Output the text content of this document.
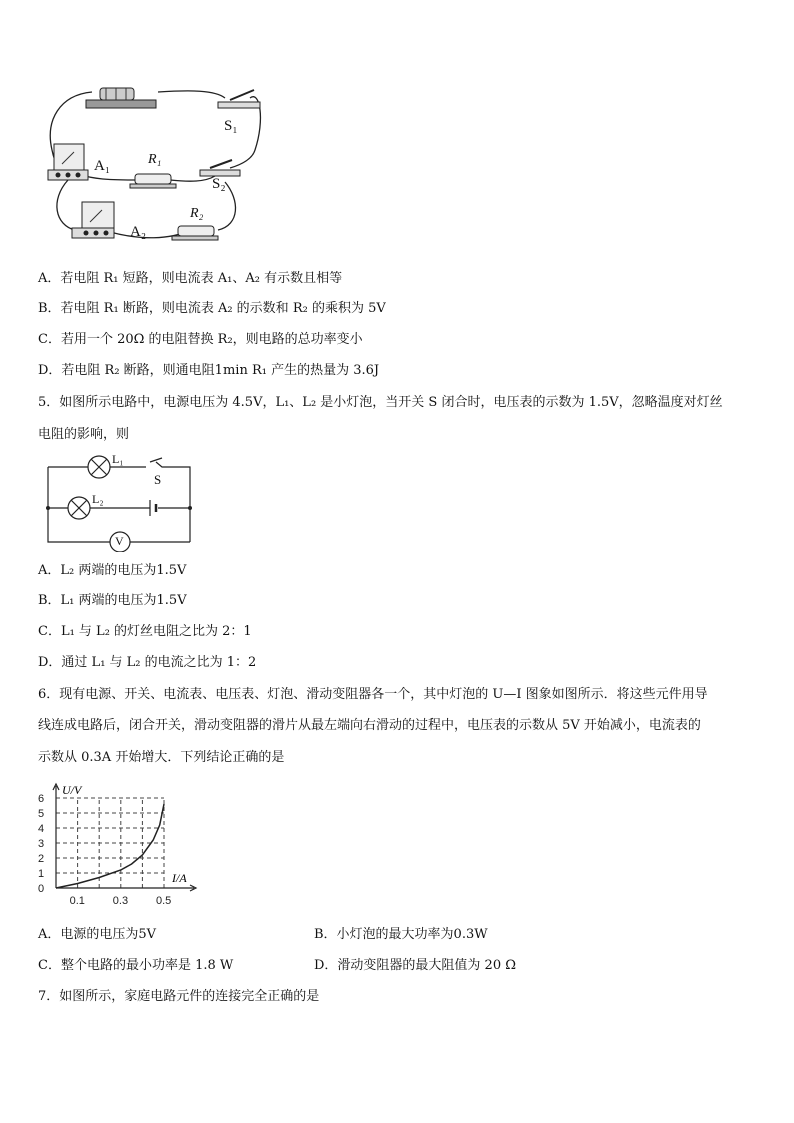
S₁
S₂
A₁
A₂
R₁
R₂
A．若电阻 R₁ 短路，则电流表 A₁、A₂ 有示数且相等
B．若电阻 R₁ 断路，则电流表 A₂ 的示数和 R₂ 的乘积为 5V
C．若用一个 20Ω 的电阻替换 R₂，则电路的总功率变小
D．若电阻 R₂ 断路，则通电阻1min R₁ 产生的热量为 3.6J
5．如图所示电路中，电源电压为 4.5V，L₁、L₂ 是小灯泡，当开关 S 闭合时，电压表的示数为 1.5V，忽略温度对灯丝
电阻的影响，则
L₁
S
L₂
V
A．L₂ 两端的电压为1.5V
B．L₁ 两端的电压为1.5V
C．L₁ 与 L₂ 的灯丝电阻之比为 2：1
D．通过 L₁ 与 L₂ 的电流之比为 1：2
6．现有电源、开关、电流表、电压表、灯泡、滑动变阻器各一个，其中灯泡的 U—I 图象如图所示．将这些元件用导
线连成电路后，闭合开关，滑动变阻器的滑片从最左端向右滑动的过程中，电压表的示数从 5V 开始减小，电流表的
示数从 0.3A 开始增大．下列结论正确的是
0
1
2
3
4
5
6
0.1	0.3	0.5
U/V
I/A
A．电源的电压为5V	B．小灯泡的最大功率为0.3W
C．整个电路的最小功率是 1.8 W	D．滑动变阻器的最大阻值为 20 Ω
7．如图所示，家庭电路元件的连接完全正确的是
